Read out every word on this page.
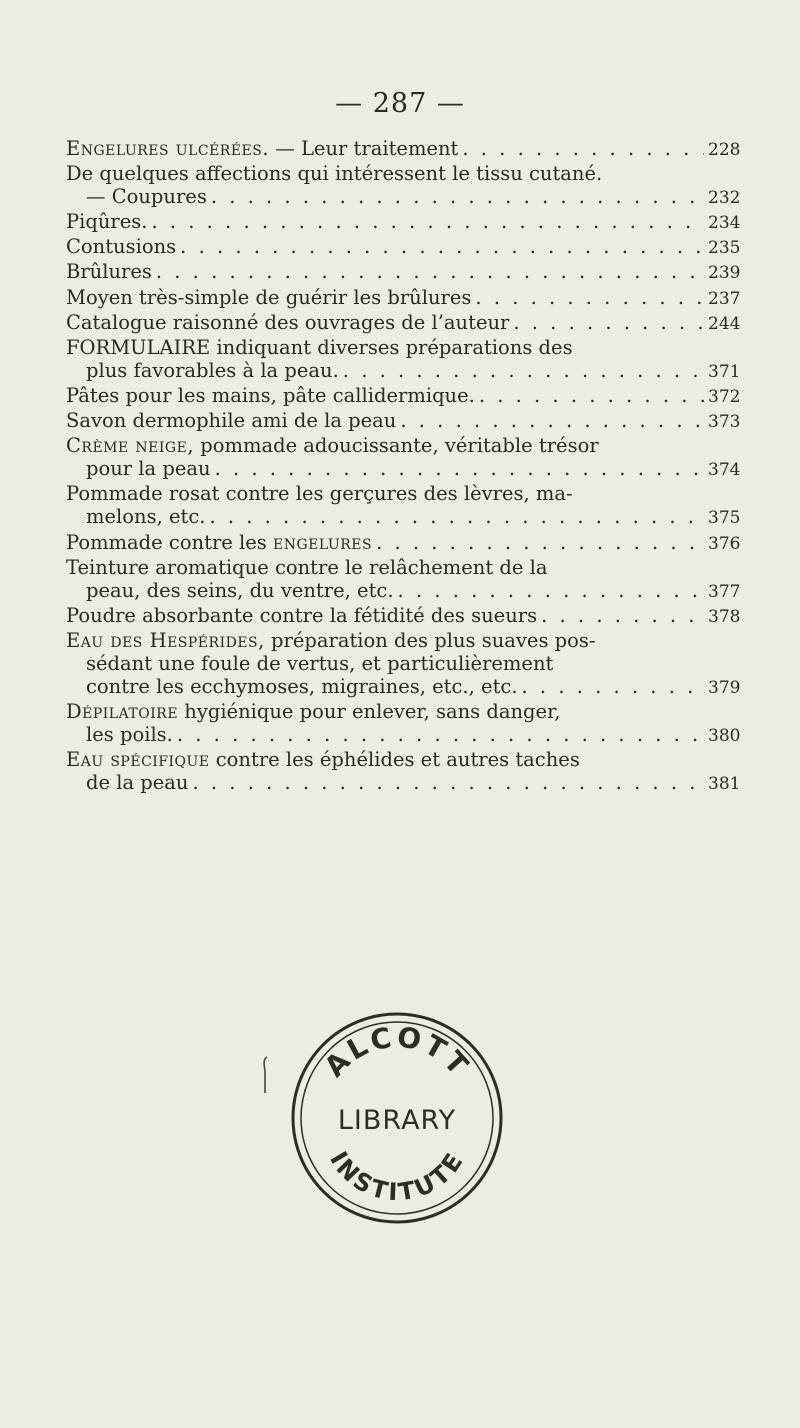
— 287 —
Engelures ulcérées. — Leur traitement . . .	228
De quelques affections qui intéressent le tissu cutané.
— Coupures . . .	232
Piqûres. . . .	234
Contusions . . .	235
Brûlures . . .	239
Moyen très-simple de guérir les brûlures . . .	237
Catalogue raisonné des ouvrages de l’auteur . . .	244
FORMULAIRE indiquant diverses préparations des
plus favorables à la peau. . . .	371
Pâtes pour les mains, pâte callidermique. . . .	372
Savon dermophile ami de la peau . . .	373
Crème neige, pommade adoucissante, véritable trésor
pour la peau . . .	374
Pommade rosat contre les gerçures des lèvres, ma-
melons, etc. . . .	375
Pommade contre les engelures . . .	376
Teinture aromatique contre le relâchement de la
peau, des seins, du ventre, etc. . . .	377
Poudre absorbante contre la fétidité des sueurs . . .	378
Eau des Hespérides, préparation des plus suaves pos-
sédant une foule de vertus, et particulièrement
contre les ecchymoses, migraines, etc., etc. . . .	379
Dépilatoire hygiénique pour enlever, sans danger,
les poils. . . .	380
Eau spécifique contre les éphélides et autres taches
de la peau . . .	381
ALCOTT
LIBRARY
INSTITUTE
